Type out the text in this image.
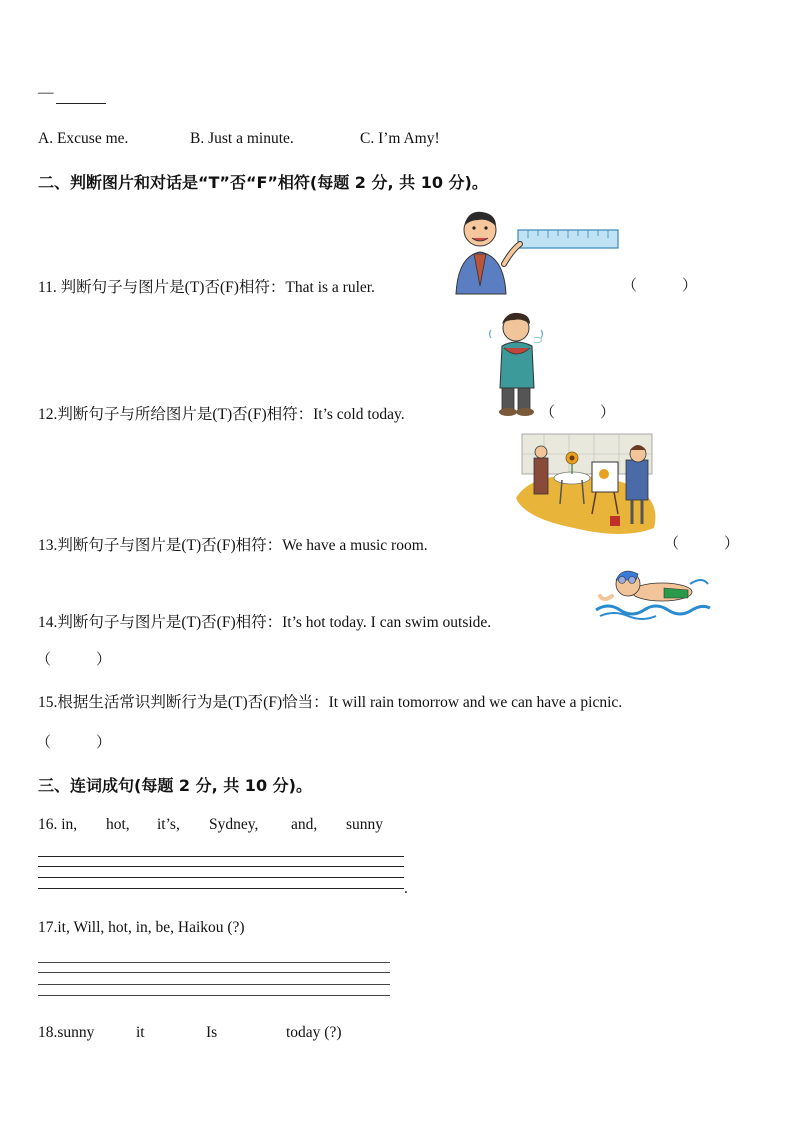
—
A. Excuse me.	B. Just a minute.	C. I’m Amy!
二、判断图片和对话是“T”否“F”相符(每题 2 分, 共 10 分)。
11. 判断句子与图片是(T)否(F)相符：That is a ruler.	（　　　）
12.判断句子与所给图片是(T)否(F)相符：It’s cold today.	（　　　）
13.判断句子与图片是(T)否(F)相符：We have a music room.	（　　　）
14.判断句子与图片是(T)否(F)相符：It’s hot today. I can swim outside.
（　　　）
15.根据生活常识判断行为是(T)否(F)恰当：It will rain tomorrow and we can have a picnic.
（　　　）
三、连词成句(每题 2 分, 共 10 分)。
16. in, hot, it’s, Sydney, and, sunny
.
17.it, Will, hot, in, be, Haikou (?)
18.sunny	it	Is	today (?)
